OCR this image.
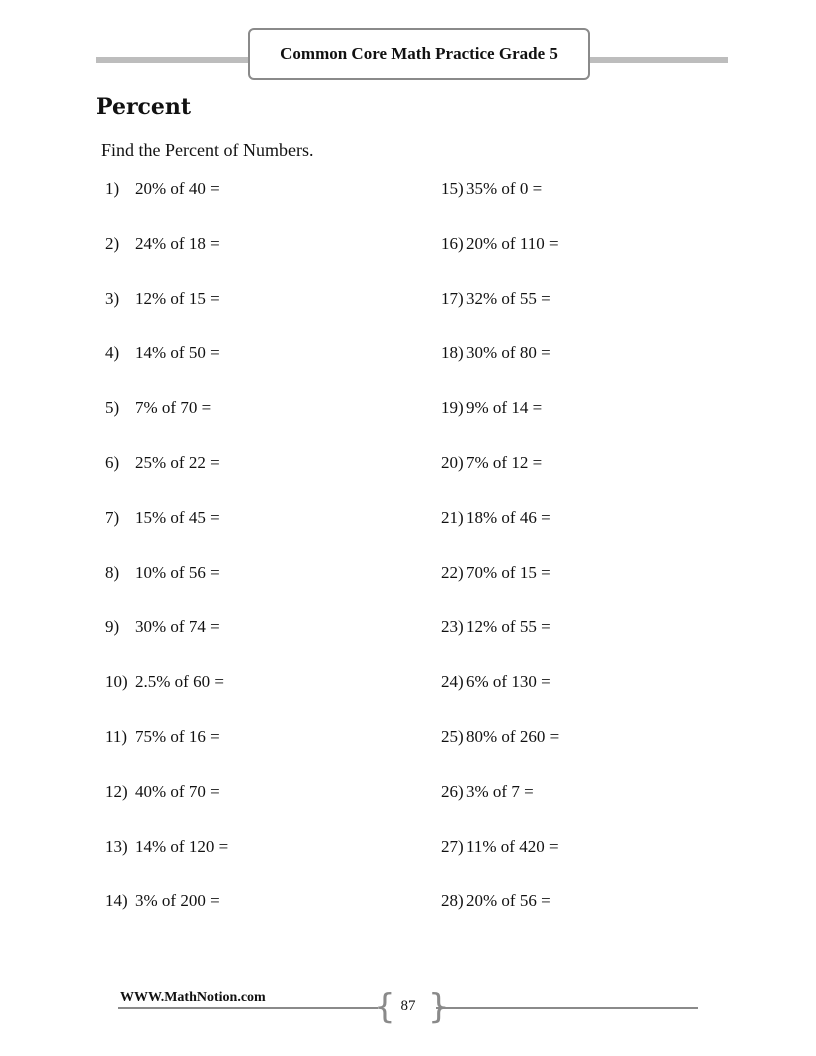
Common Core Math Practice Grade 5
Percent

Find the Percent of Numbers.

1) 20% of 40 =
2) 24% of 18 =
3) 12% of 15 =
4) 14% of 50 =
5) 7% of 70 =
6) 25% of 22 =
7) 15% of 45 =
8) 10% of 56 =
9) 30% of 74 =
10) 2.5% of 60 =
11) 75% of 16 =
12) 40% of 70 =
13) 14% of 120 =
14) 3% of 200 =
15) 35% of 0 =
16) 20% of 110 =
17) 32% of 55 =
18) 30% of 80 =
19) 9% of 14 =
20) 7% of 12 =
21) 18% of 46 =
22) 70% of 15 =
23) 12% of 55 =
24) 6% of 130 =
25) 80% of 260 =
26) 3% of 7 =
27) 11% of 420 =
28) 20% of 56 =
WWW.MathNotion.com	{ }
87
